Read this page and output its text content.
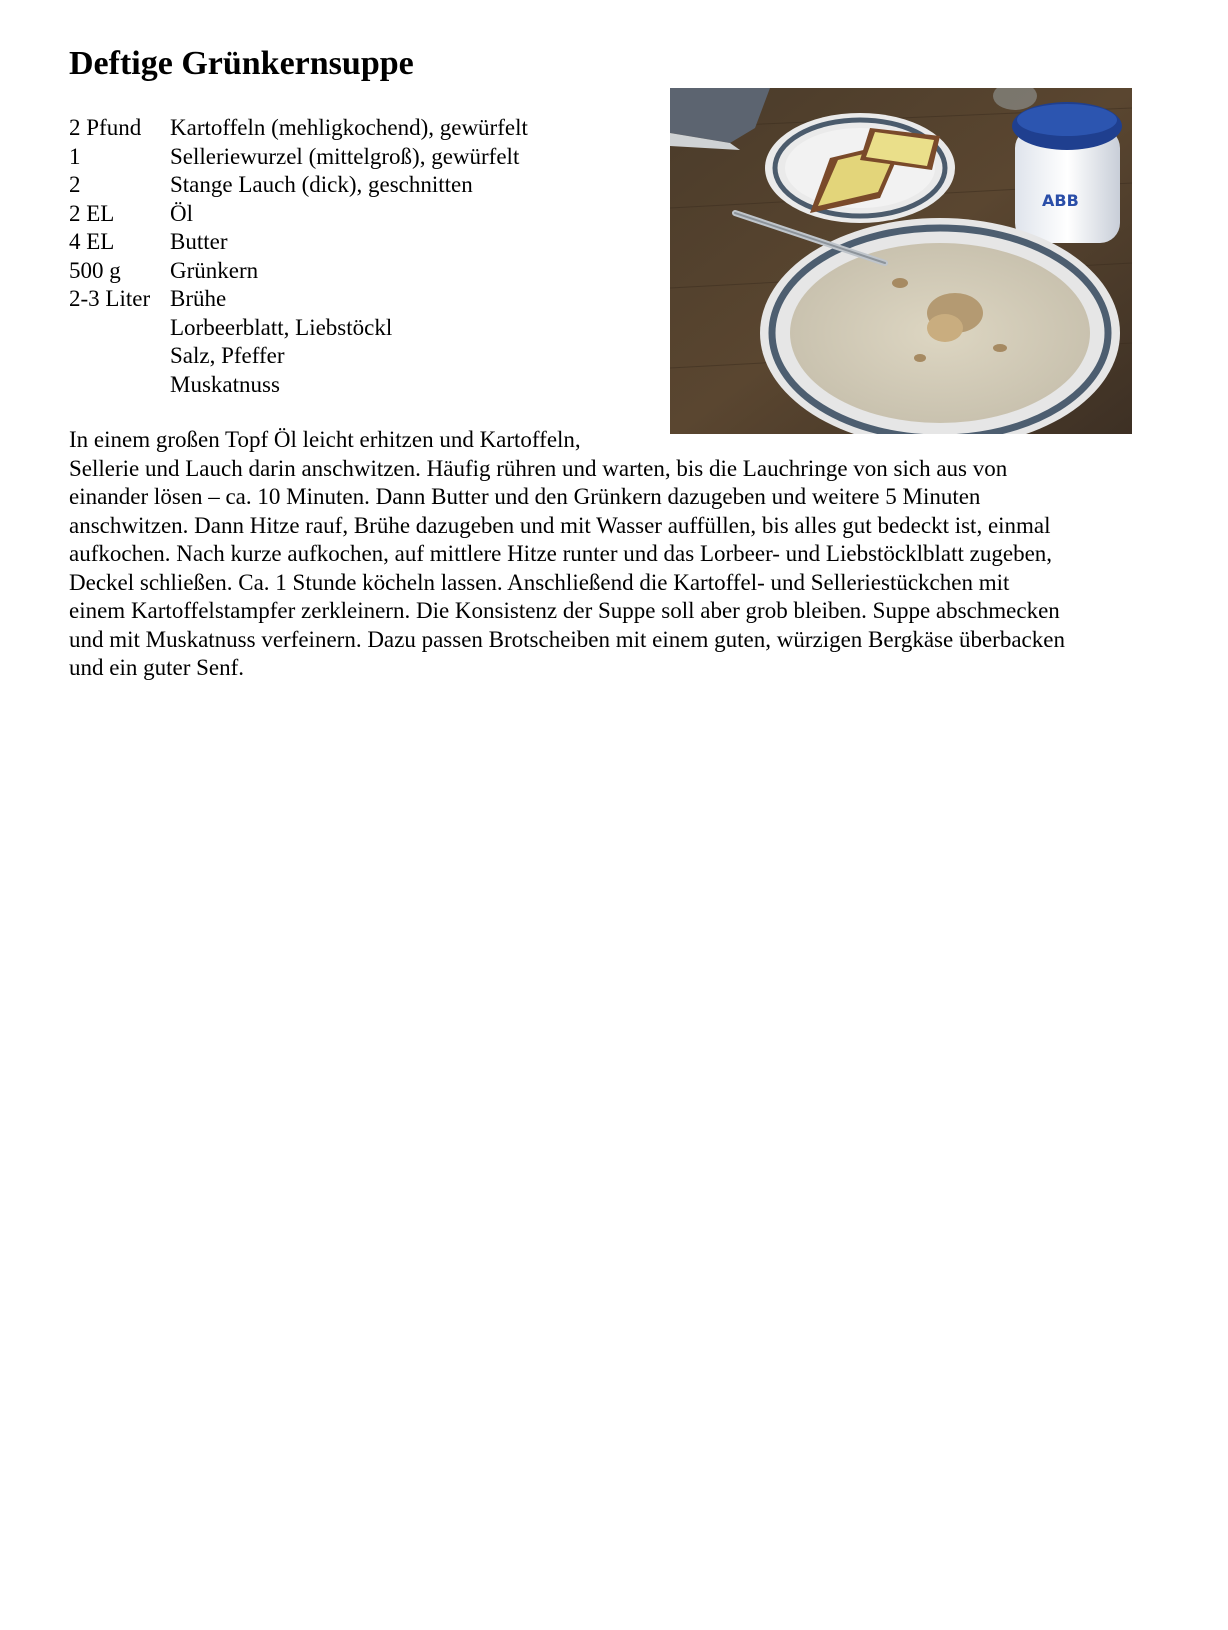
Deftige Grünkernsuppe
2 Pfund	Kartoffeln (mehligkochend), gewürfelt
1	Selleriewurzel (mittelgroß), gewürfelt
2	Stange Lauch (dick), geschnitten
2 EL	Öl
4 EL	Butter
500 g	Grünkern
2-3 Liter	Brühe
	Lorbeerblatt, Liebstöckl
	Salz, Pfeffer
	Muskatnuss
ABB
In einem großen Topf Öl leicht erhitzen und Kartoffeln,
Sellerie und Lauch darin anschwitzen. Häufig rühren und warten, bis die Lauchringe von sich aus von
einander lösen – ca. 10 Minuten. Dann Butter und den Grünkern dazugeben und weitere 5 Minuten
anschwitzen. Dann Hitze rauf, Brühe dazugeben und mit Wasser auffüllen, bis alles gut bedeckt ist, einmal
aufkochen. Nach kurze aufkochen, auf mittlere Hitze runter und das Lorbeer- und Liebstöcklblatt zugeben,
Deckel schließen. Ca. 1 Stunde köcheln lassen. Anschließend die Kartoffel- und Selleriestückchen mit
einem Kartoffelstampfer zerkleinern. Die Konsistenz der Suppe soll aber grob bleiben. Suppe abschmecken
und mit Muskatnuss verfeinern. Dazu passen Brotscheiben mit einem guten, würzigen Bergkäse überbacken
und ein guter Senf.
